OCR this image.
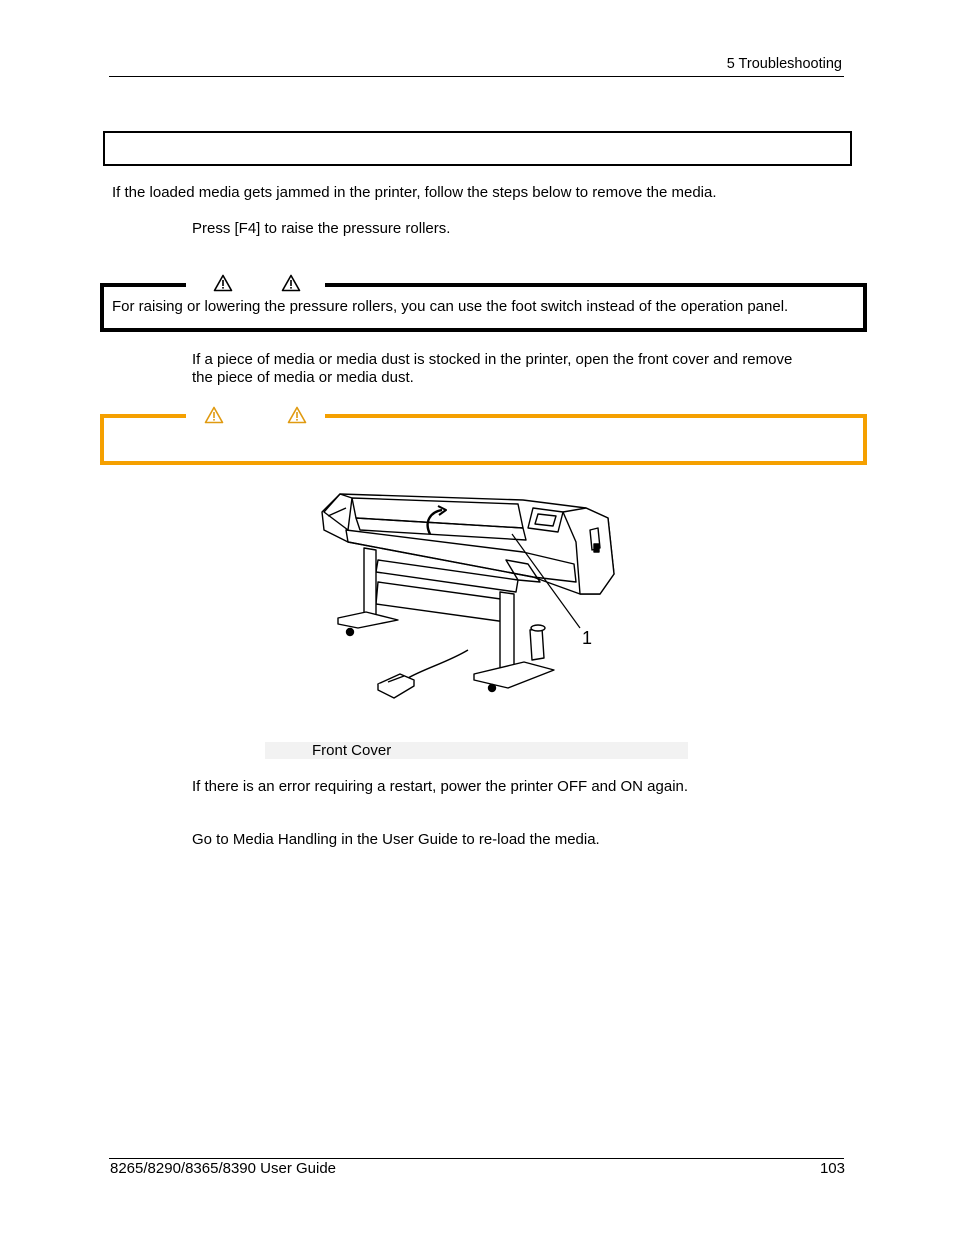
5 Troubleshooting
If the loaded media gets jammed in the printer, follow the steps below to remove the media.
Press [F4] to raise the pressure rollers.
For raising or lowering the pressure rollers, you can use the foot switch instead of the operation panel.
If a piece of media or media dust is stocked in the printer, open the front cover and remove
the piece of media or media dust.
1
Front Cover
If there is an error requiring a restart, power the printer OFF and ON again.
Go to Media Handling in the User Guide to re-load the media.
8265/8290/8365/8390 User Guide	103
